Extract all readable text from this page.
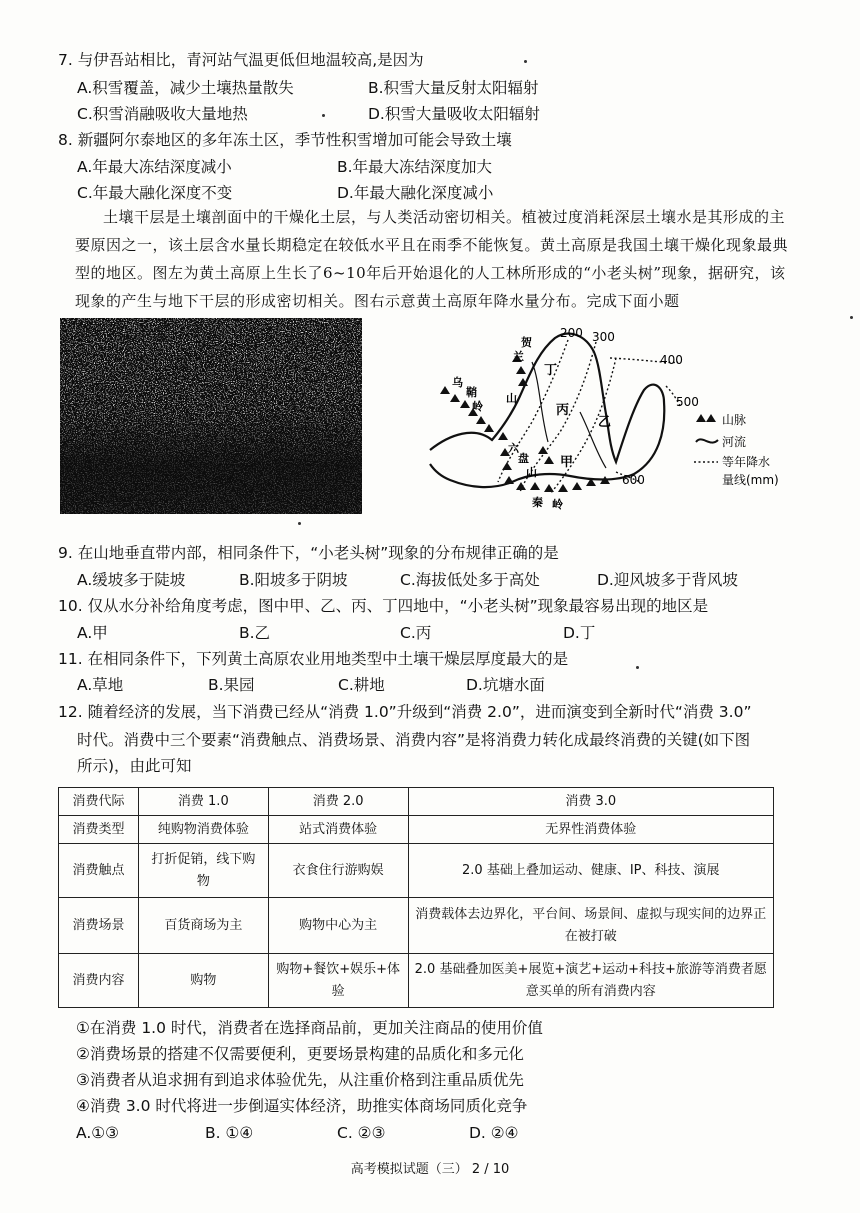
7. 与伊吾站相比，青河站气温更低但地温较高,是因为
A.积雪覆盖，减少土壤热量散失	B.积雪大量反射太阳辐射
C.积雪消融吸收大量地热	D.积雪大量吸收太阳辐射
8. 新疆阿尔泰地区的多年冻土区，季节性积雪增加可能会导致土壤
A.年最大冻结深度减小	B.年最大冻结深度加大
C.年最大融化深度不变	D.年最大融化深度减小
土壤干层是土壤剖面中的干燥化土层，与人类活动密切相关。植被过度消耗深层土壤水是其形成的主要原因之一，该土层含水量长期稳定在较低水平且在雨季不能恢复。黄土高原是我国土壤干燥化现象最典型的地区。图左为黄土高原上生长了6~10年后开始退化的人工林所形成的“小老头树”现象，据研究，该现象的产生与地下干层的形成密切相关。图右示意黄土高原年降水量分布。完成下面小题
200 300
400
500
600
丁
丙
乙
甲
贺
兰
山
乌
鞘
岭
六
盘
山
秦 岭
山脉
河流
等年降水
量线(mm)
9. 在山地垂直带内部，相同条件下，“小老头树”现象的分布规律正确的是
A.缓坡多于陡坡	B.阳坡多于阴坡	C.海拔低处多于高处	D.迎风坡多于背风坡
10. 仅从水分补给角度考虑，图中甲、乙、丙、丁四地中，“小老头树”现象最容易出现的地区是
A.甲	B.乙	C.丙	D.丁
11. 在相同条件下，下列黄土高原农业用地类型中土壤干燥层厚度最大的是
A.草地	B.果园	C.耕地	D.坑塘水面
12. 随着经济的发展，当下消费已经从“消费 1.0”升级到“消费 2.0”，进而演变到全新时代“消费 3.0”
时代。消费中三个要素“消费触点、消费场景、消费内容”是将消费力转化成最终消费的关键(如下图
所示)，由此可知
消费代际	消费 1.0	消费 2.0	消费 3.0
消费类型	纯购物消费体验	站式消费体验	无界性消费体验
消费触点	打折促销，线下购物	衣食住行游购娱	2.0 基础上叠加运动、健康、IP、科技、演展
消费场景	百货商场为主	购物中心为主	消费载体去边界化，平台间、场景间、虚拟与现实间的边界正在被打破
消费内容	购物	购物+餐饮+娱乐+体验	2.0 基础叠加医美+展览+演艺+运动+科技+旅游等消费者愿意买单的所有消费内容
①在消费 1.0 时代，消费者在选择商品前，更加关注商品的使用价值
②消费场景的搭建不仅需要便利，更要场景构建的品质化和多元化
③消费者从追求拥有到追求体验优先，从注重价格到注重品质优先
④消费 3.0 时代将进一步倒逼实体经济，助推实体商场同质化竞争
A.①③	B. ①④	C. ②③	D. ②④
高考模拟试题（三） 2 / 10
